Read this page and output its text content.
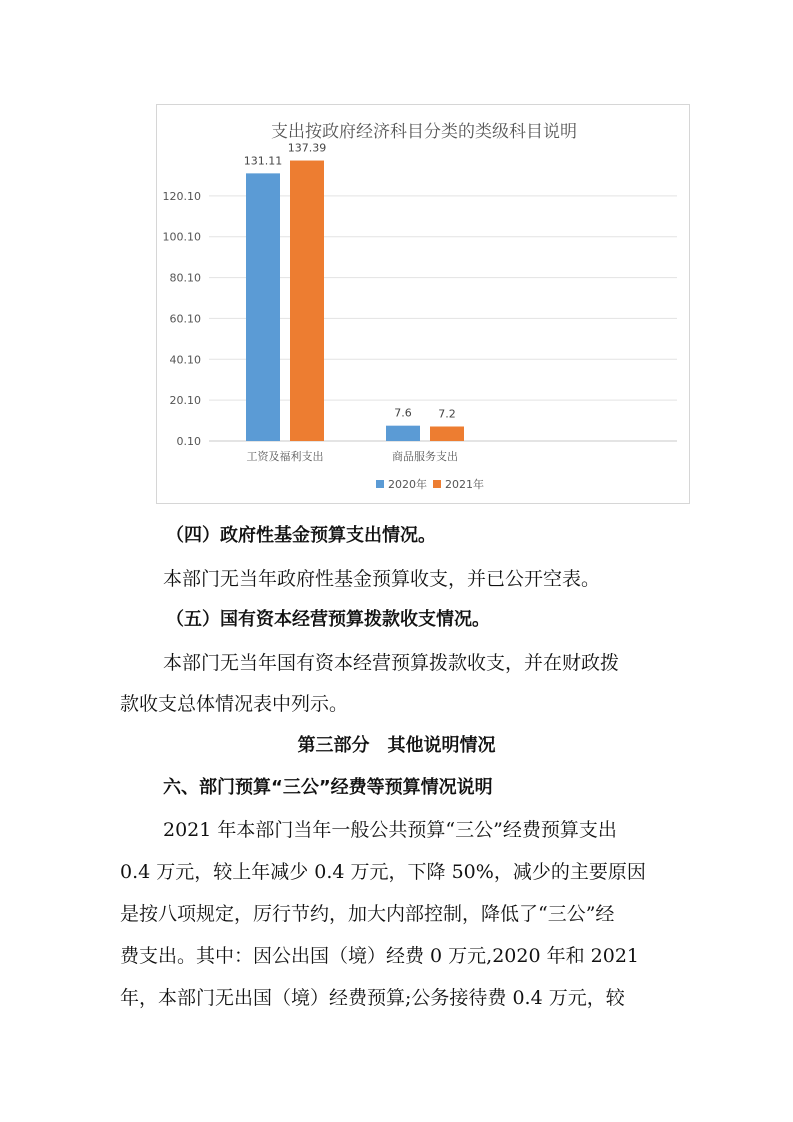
支出按政府经济科目分类的类级科目说明
0.10
20.10
40.10
60.10
80.10
100.10
120.10
131.11
137.39
工资及福利支出
7.6 7.2
商品服务支出
2020年 2021年
（四）政府性基金预算支出情况。
本部门无当年政府性基金预算收支，并已公开空表。
（五）国有资本经营预算拨款收支情况。
本部门无当年国有资本经营预算拨款收支，并在财政拨
款收支总体情况表中列示。
第三部分　其他说明情况
六、部门预算“三公”经费等预算情况说明
2021 年本部门当年一般公共预算“三公”经费预算支出
0.4 万元，较上年减少 0.4 万元，下降 50%，减少的主要原因
是按八项规定，厉行节约，加大内部控制，降低了“三公”经
费支出。其中：因公出国（境）经费 0 万元,2020 年和 2021
年，本部门无出国（境）经费预算;公务接待费 0.4 万元，较
